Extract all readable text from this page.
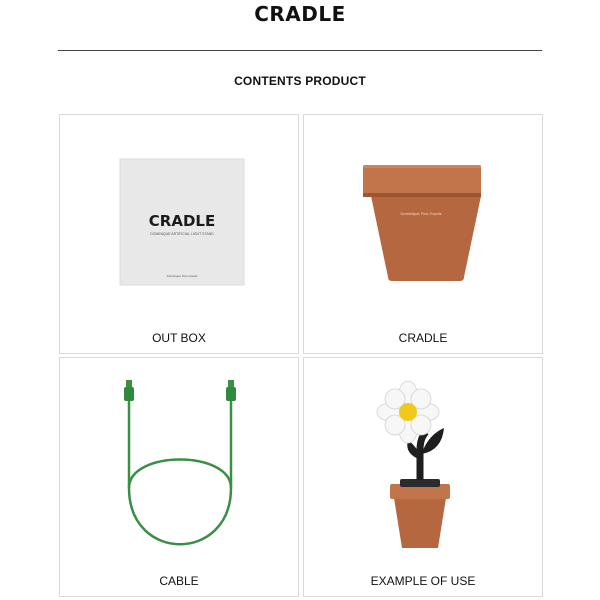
CRADLE
CONTENTS PRODUCT
CRADLE
DOMINIQUE ARTIFICIAL LIGHT STAND
Dominique Fine Goods
OUT BOX
Dominique Fine Goods
CRADLE
CABLE	EXAMPLE OF USE
